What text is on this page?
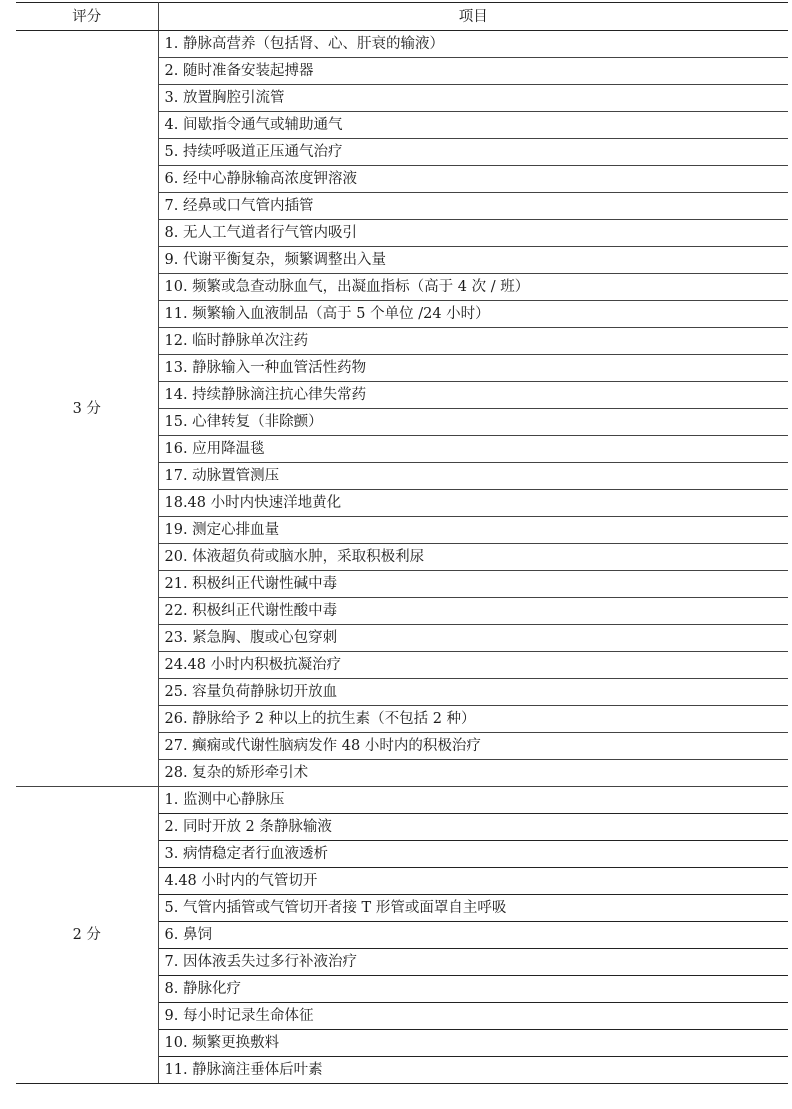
评分	项目
3 分	1. 静脉高营养（包括肾、心、肝衰的输液）
	2. 随时准备安装起搏器
	3. 放置胸腔引流管
	4. 间歇指令通气或辅助通气
	5. 持续呼吸道正压通气治疗
	6. 经中心静脉输高浓度钾溶液
	7. 经鼻或口气管内插管
	8. 无人工气道者行气管内吸引
	9. 代谢平衡复杂，频繁调整出入量
	10. 频繁或急查动脉血气，出凝血指标（高于 4 次 / 班）
	11. 频繁输入血液制品（高于 5 个单位 /24 小时）
	12. 临时静脉单次注药
	13. 静脉输入一种血管活性药物
	14. 持续静脉滴注抗心律失常药
	15. 心律转复（非除颤）
	16. 应用降温毯
	17. 动脉置管测压
	18.48 小时内快速洋地黄化
	19. 测定心排血量
	20. 体液超负荷或脑水肿，采取积极利尿
	21. 积极纠正代谢性碱中毒
	22. 积极纠正代谢性酸中毒
	23. 紧急胸、腹或心包穿刺
	24.48 小时内积极抗凝治疗
	25. 容量负荷静脉切开放血
	26. 静脉给予 2 种以上的抗生素（不包括 2 种）
	27. 癫痫或代谢性脑病发作 48 小时内的积极治疗
	28. 复杂的矫形牵引术
2 分	1. 监测中心静脉压
	2. 同时开放 2 条静脉输液
	3. 病情稳定者行血液透析
	4.48 小时内的气管切开
	5. 气管内插管或气管切开者接 T 形管或面罩自主呼吸
	6. 鼻饲
	7. 因体液丢失过多行补液治疗
	8. 静脉化疗
	9. 每小时记录生命体征
	10. 频繁更换敷料
	11. 静脉滴注垂体后叶素
